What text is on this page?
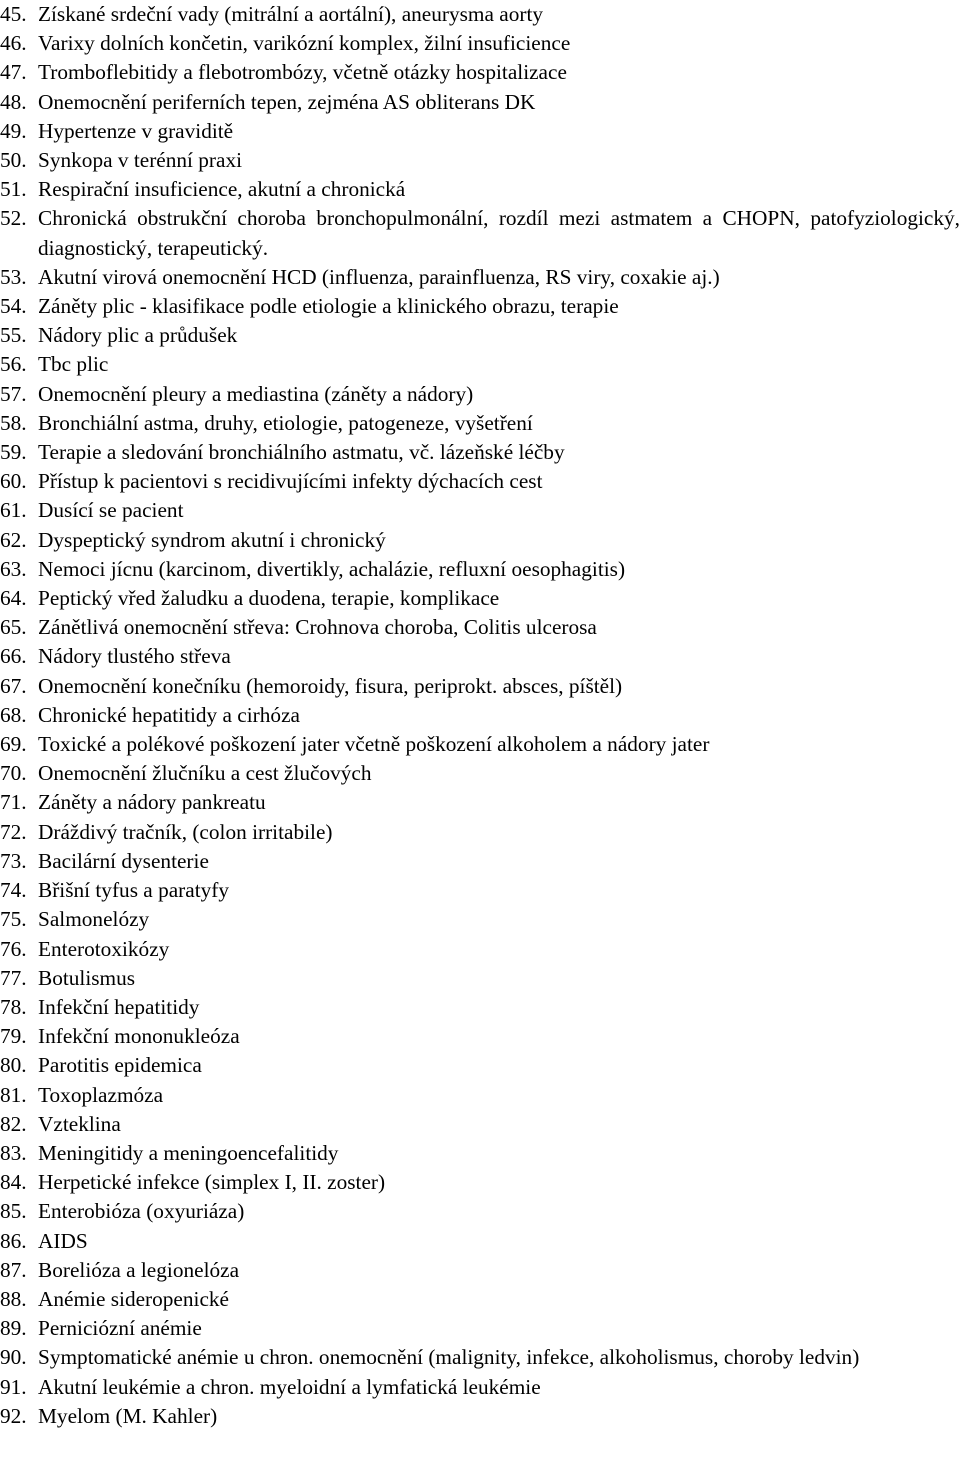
45. Získané srdeční vady (mitrální a aortální), aneurysma aorty
46. Varixy dolních končetin, varikózní komplex, žilní insuficience
47. Tromboflebitidy a flebotrombózy, včetně otázky hospitalizace
48. Onemocnění periferních tepen, zejména AS obliterans DK
49. Hypertenze v graviditě
50. Synkopa v terénní praxi
51. Respirační insuficience, akutní a chronická
52. Chronická obstrukční choroba bronchopulmonální, rozdíl mezi astmatem a CHOPN, patofyziologický, diagnostický, terapeutický.
53. Akutní virová onemocnění HCD (influenza, parainfluenza, RS viry, coxakie aj.)
54. Záněty plic - klasifikace podle etiologie a klinického obrazu, terapie
55. Nádory plic a průdušek
56. Tbc plic
57. Onemocnění pleury a mediastina (záněty a nádory)
58. Bronchiální astma, druhy, etiologie, patogeneze, vyšetření
59. Terapie a sledování bronchiálního astmatu, vč. lázeňské léčby
60. Přístup k pacientovi s recidivujícími infekty dýchacích cest
61. Dusící se pacient
62. Dyspeptický syndrom akutní i chronický
63. Nemoci jícnu (karcinom, divertikly, achalázie, refluxní oesophagitis)
64. Peptický vřed žaludku a duodena, terapie, komplikace
65. Zánětlivá onemocnění střeva: Crohnova choroba, Colitis ulcerosa
66. Nádory tlustého střeva
67. Onemocnění konečníku (hemoroidy, fisura, periprokt. absces, píštěl)
68. Chronické hepatitidy a cirhóza
69. Toxické a polékové poškození jater včetně poškození alkoholem a nádory jater
70. Onemocnění žlučníku a cest žlučových
71. Záněty a nádory pankreatu
72. Dráždivý tračník, (colon irritabile)
73. Bacilární dysenterie
74. Břišní tyfus a paratyfy
75. Salmonelózy
76. Enterotoxikózy
77. Botulismus
78. Infekční hepatitidy
79. Infekční mononukleóza
80. Parotitis epidemica
81. Toxoplazmóza
82. Vzteklina
83. Meningitidy a meningoencefalitidy
84. Herpetické infekce (simplex I, II. zoster)
85. Enterobióza (oxyuriáza)
86. AIDS
87. Borelióza a legionelóza
88. Anémie sideropenické
89. Perniciózní anémie
90. Symptomatické anémie u chron. onemocnění (malignity, infekce, alkoholismus, choroby ledvin)
91. Akutní leukémie a chron. myeloidní a lymfatická leukémie
92. Myelom (M. Kahler)
